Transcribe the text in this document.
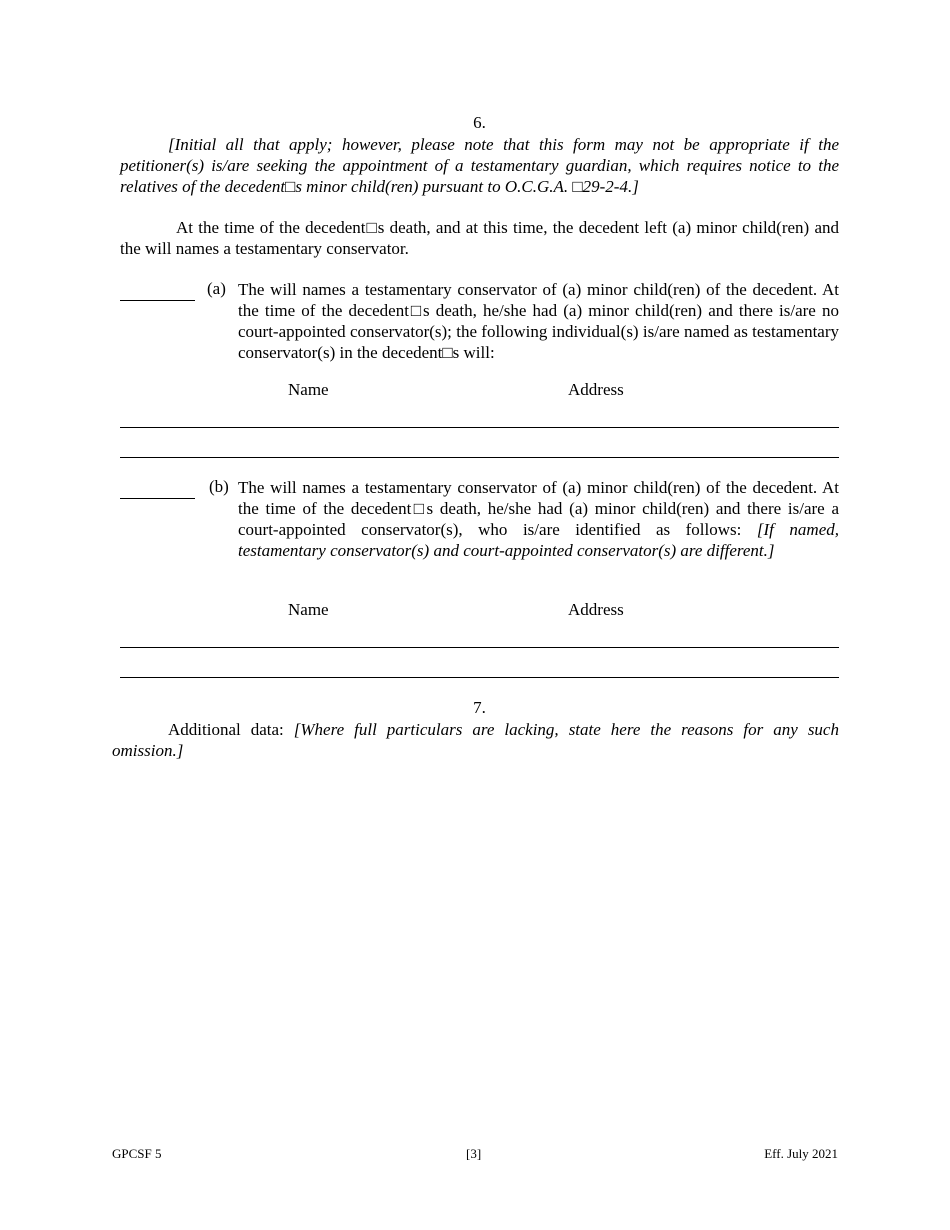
6.
[Initial all that apply; however, please note that this form may not be appropriate if the petitioner(s) is/are seeking the appointment of a testamentary guardian, which requires notice to the relatives of the decedent□s minor child(ren) pursuant to O.C.G.A. □29-2-4.]
At the time of the decedent□s death, and at this time, the decedent left (a) minor child(ren) and the will names a testamentary conservator.
(a) The will names a testamentary conservator of (a) minor child(ren) of the decedent. At the time of the decedent□s death, he/she had (a) minor child(ren) and there is/are no court-appointed conservator(s); the following individual(s) is/are named as testamentary conservator(s) in the decedent□s will:
Name	Address
(b) The will names a testamentary conservator of (a) minor child(ren) of the decedent. At the time of the decedent□s death, he/she had (a) minor child(ren) and there is/are a court-appointed conservator(s), who is/are identified as follows: [If named, testamentary conservator(s) and court-appointed conservator(s) are different.]
Name	Address
7.
Additional data: [Where full particulars are lacking, state here the reasons for any such omission.]
GPCSF 5	[3]	Eff. July 2021
